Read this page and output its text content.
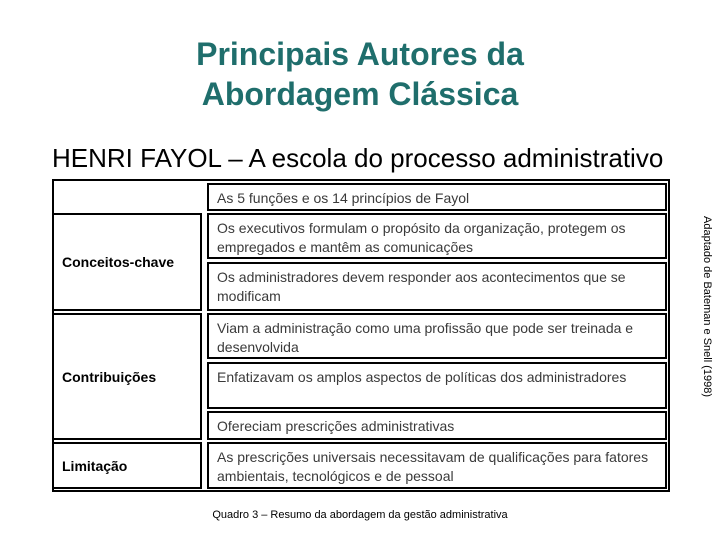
Principais Autores da
Abordagem Clássica
HENRI FAYOL – A escola do processo administrativo
As 5 funções e os 14 princípios de Fayol
Conceitos-chave
Os executivos formulam o propósito da organização, protegem os empregados e mantêm as comunicações
Os administradores devem responder aos acontecimentos que se modificam
Contribuições
Viam a administração como uma profissão que pode ser treinada e desenvolvida
Enfatizavam os amplos aspectos de políticas dos administradores
Ofereciam prescrições administrativas
Limitação
As prescrições universais necessitavam de qualificações para fatores ambientais, tecnológicos e de pessoal
Adaptado de Bateman e Snell (1998)
Quadro 3 – Resumo da abordagem da gestão administrativa
